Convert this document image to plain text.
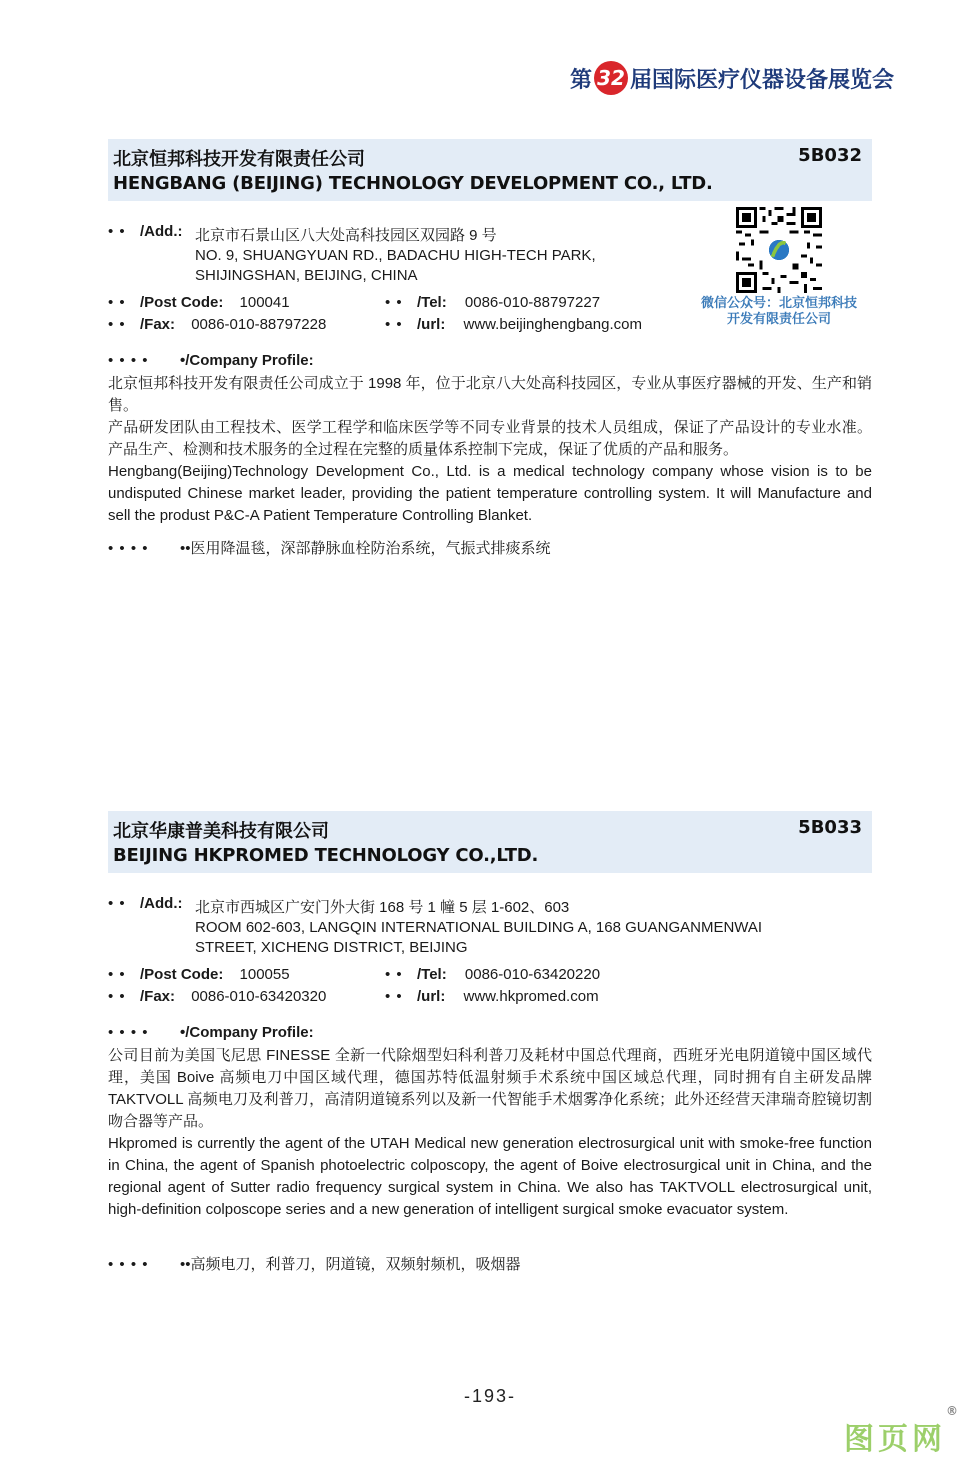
第 32 届国际医疗仪器设备展览会
北京恒邦科技开发有限责任公司	5B032
HENGBANG (BEIJING) TECHNOLOGY DEVELOPMENT CO., LTD.
• • /Add.: 北京市石景山区八大处高科技园区双园路 9 号
NO. 9, SHUANGYUAN RD., BADACHU HIGH-TECH PARK,
SHIJINGSHAN, BEIJING, CHINA
• • /Post Code: 100041	• • /Tel: 0086-010-88797227
• • /Fax: 0086-010-88797228	• • /url: www.beijinghengbang.com
• • • • •/Company Profile:

北京恒邦科技开发有限责任公司成立于 1998 年，位于北京八大处高科技园区，专业从事医疗器械的开发、生产和销售。

产品研发团队由工程技术、医学工程学和临床医学等不同专业背景的技术人员组成，保证了产品设计的专业水准。产品生产、检测和技术服务的全过程在完整的质量体系控制下完成，保证了优质的产品和服务。

Hengbang(Beijing)Technology Development Co., Ltd. is a medical technology company whose vision is to be undisputed Chinese market leader, providing the patient temperature controlling system. It will Manufacture and sell the produst P&C-A Patient Temperature Controlling Blanket.

• • • • ••医用降温毯，深部静脉血栓防治系统，气振式排痰系统
微信公众号：北京恒邦科技
开发有限责任公司
北京华康普美科技有限公司	5B033
BEIJING HKPROMED TECHNOLOGY CO.,LTD.
• • /Add.: 北京市西城区广安门外大街 168 号 1 幢 5 层 1-602、603
ROOM 602-603, LANGQIN INTERNATIONAL BUILDING A, 168 GUANGANMENWAI
STREET, XICHENG DISTRICT, BEIJING
• • /Post Code: 100055	• • /Tel: 0086-010-63420220
• • /Fax: 0086-010-63420320	• • /url: www.hkpromed.com
• • • • •/Company Profile:

公司目前为美国飞尼思 FINESSE 全新一代除烟型妇科利普刀及耗材中国总代理商，西班牙光电阴道镜中国区域代理，美国 Boive 高频电刀中国区域代理，德国苏特低温射频手术系统中国区域总代理，同时拥有自主研发品牌 TAKTVOLL 高频电刀及利普刀，高清阴道镜系列以及新一代智能手术烟雾净化系统；此外还经营天津瑞奇腔镜切割吻合器等产品。

Hkpromed is currently the agent of the UTAH Medical new generation electrosurgical unit with smoke-free function in China, the agent of Spanish photoelectric colposcopy, the agent of Boive electrosurgical unit in China, and the regional agent of Sutter radio frequency surgical system in China. We also has TAKTVOLL electrosurgical unit, high-definition colposcope series and a new generation of intelligent surgical smoke evacuator system.

• • • • ••高频电刀，利普刀，阴道镜，双频射频机，吸烟器
-193-
图页网®
